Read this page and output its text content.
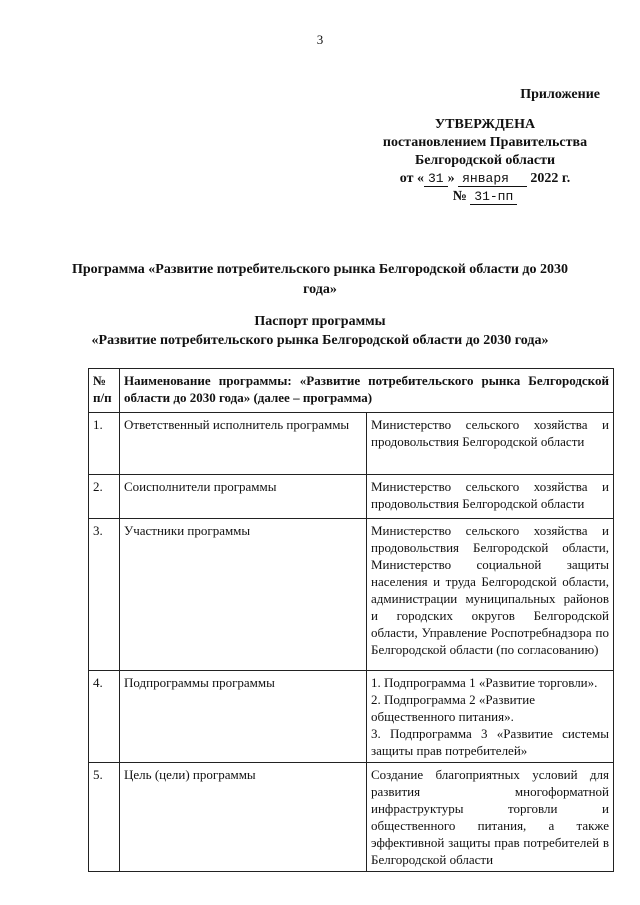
3
Приложение
УТВЕРЖДЕНА
постановлением Правительства
Белгородской области
от « 31 » января 2022 г.
№ 31-пп
Программа «Развитие потребительского рынка Белгородской области до 2030 года»
Паспорт программы
«Развитие потребительского рынка Белгородской области до 2030 года»
№ п/п	Наименование программы: «Развитие потребительского рынка Белгородской области до 2030 года» (далее – программа)	
1.	Ответственный исполнитель программы	Министерство сельского хозяйства и продовольствия Белгородской области
2.	Соисполнители программы	Министерство сельского хозяйства и продовольствия Белгородской области
3.	Участники программы	Министерство сельского хозяйства и продовольствия Белгородской области, Министерство социальной защиты населения и труда Белгородской области, администрации муниципальных районов и городских округов Белгородской области, Управление Роспотребнадзора по Белгородской области (по согласованию)
4.	Подпрограммы программы	1. Подпрограмма 1 «Развитие торговли».
2. Подпрограмма 2 «Развитие общественного питания».
3. Подпрограмма 3 «Развитие системы защиты прав потребителей»

5.	Цель (цели) программы	Создание благоприятных условий для развития многоформатной инфраструктуры торговли и общественного питания, а также эффективной защиты прав потребителей в Белгородской области
